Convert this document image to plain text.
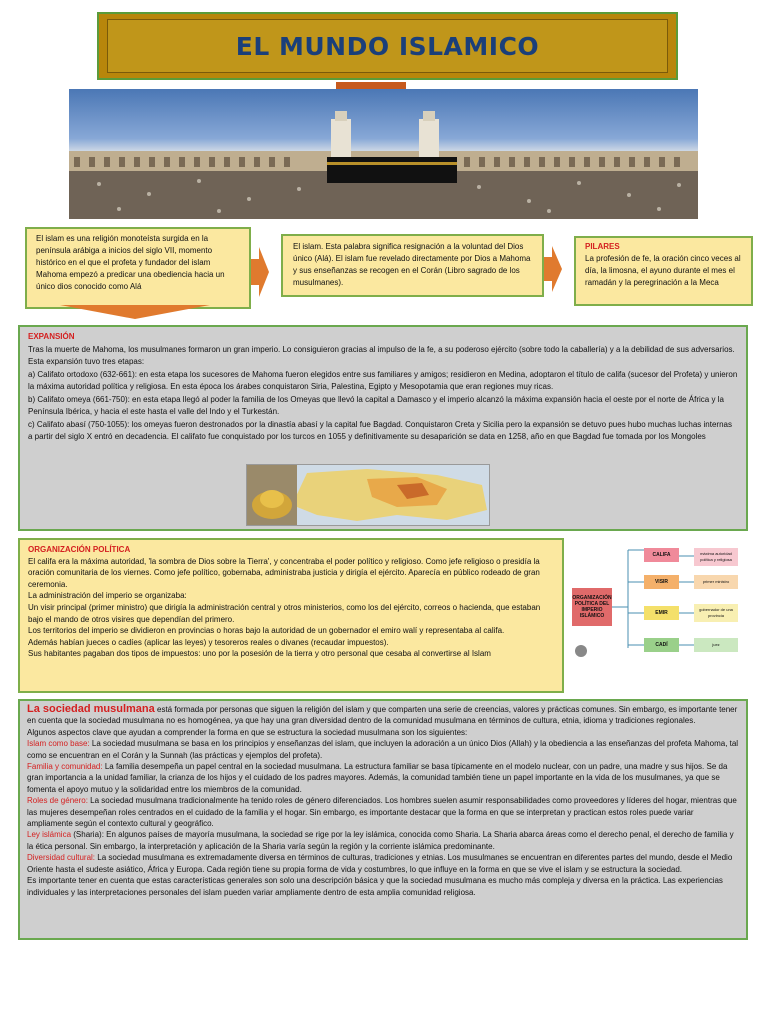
EL MUNDO ISLAMICO

El islam es una religión monoteísta surgida en la península arábiga a inicios del siglo VII, momento histórico en el que el profeta y fundador del islam Mahoma empezó a predicar una obediencia hacia un único dios conocido como Alá

El islam. Esta palabra significa resignación a la voluntad del Dios único (Alá). El islam fue revelado directamente por Dios a Mahoma y sus enseñanzas se recogen en el Corán (Libro sagrado de los musulmanes).

PILARES

La profesión de fe, la oración cinco veces al día, la limosna, el ayuno durante el mes el ramadán y la peregrinación a la Meca

EXPANSIÓN

Tras la muerte de Mahoma, los musulmanes formaron un gran imperio. Lo consiguieron gracias al impulso de la fe, a su poderoso ejército (sobre todo la caballería) y a la debilidad de sus adversarios. Esta expansión tuvo tres etapas:

a) Califato ortodoxo (632-661): en esta etapa los sucesores de Mahoma fueron elegidos entre sus familiares y amigos; residieron en Medina, adoptaron el título de califa (sucesor del Profeta) y unieron la máxima autoridad política y religiosa. En esta época los árabes conquistaron Siria, Palestina, Egipto y Mesopotamia que eran regiones muy ricas.

b) Califato omeya (661-750): en esta etapa llegó al poder la familia de los Omeyas que llevó la capital a Damasco y el imperio alcanzó la máxima expansión hacia el oeste por el norte de África y la Península Ibérica, y hacia el este hasta el valle del Indo y el Turkestán.

c) Califato abasí (750-1055): los omeyas fueron destronados por la dinastía abasí y la capital fue Bagdad. Conquistaron Creta y Sicilia pero la expansión se detuvo pues hubo muchas luchas internas a partir del siglo X entró en decadencia. El califato fue conquistado por los turcos en 1055 y definitivamente su desaparición se data en 1258, año en que Bagdad fue tomada por los Mongoles

ORGANIZACIÓN POLÍTICA

El califa era la máxima autoridad, 'la sombra de Dios sobre la Tierra', y concentraba el poder político y religioso. Como jefe religioso o presidía la oración comunitaria de los viernes. Como jefe político, gobernaba, administraba justicia y dirigía el ejército. Aparecía en público rodeado de gran ceremonia.

La administración del imperio se organizaba:

Un visir principal (primer ministro) que dirigía la administración central y otros ministerios, como los del ejército, correos o hacienda, que estaban bajo el mando de otros visires que dependían del primero.

Los territorios del imperio se dividieron en provincias o horas bajo la autoridad de un gobernador el emiro walí y representaba al califa.

Además habían jueces o cadíes (aplicar las leyes) y tesoreros reales o divanes (recaudar impuestos).

Sus habitantes pagaban dos tipos de impuestos: uno por la posesión de la tierra y otro personal que cesaba al convertirse al Islam

ORGANIZACIÓN POLÍTICA DEL IMPERIO ISLÁMICO
CALIFA	máxima autoridad política y religiosa
VISIR	primer ministro
EMIR
gobernador de una provincia
CADÍ	juez

La sociedad musulmana está formada por personas que siguen la religión del islam y que comparten una serie de creencias, valores y prácticas comunes. Sin embargo, es importante tener en cuenta que la sociedad musulmana no es homogénea, ya que hay una gran diversidad dentro de la comunidad musulmana en términos de cultura, etnia, idioma y tradiciones regionales.

Algunos aspectos clave que ayudan a comprender la forma en que se estructura la sociedad musulmana son los siguientes:

Islam como base: La sociedad musulmana se basa en los principios y enseñanzas del islam, que incluyen la adoración a un único Dios (Allah) y la obediencia a las enseñanzas del profeta Mahoma, tal como se encuentran en el Corán y la Sunnah (las prácticas y ejemplos del profeta).

Familia y comunidad: La familia desempeña un papel central en la sociedad musulmana. La estructura familiar se basa típicamente en el modelo nuclear, con un padre, una madre y sus hijos. Se da gran importancia a la unidad familiar, la crianza de los hijos y el cuidado de los padres mayores. Además, la comunidad también tiene un papel importante en la vida de los musulmanes, ya que se fomenta el apoyo mutuo y la solidaridad entre los miembros de la comunidad.

Roles de género: La sociedad musulmana tradicionalmente ha tenido roles de género diferenciados. Los hombres suelen asumir responsabilidades como proveedores y líderes del hogar, mientras que las mujeres desempeñan roles centrados en el cuidado de la familia y el hogar. Sin embargo, es importante destacar que la forma en que se interpretan y practican estos roles puede variar ampliamente según el contexto cultural y geográfico.

Ley islámica (Sharia): En algunos países de mayoría musulmana, la sociedad se rige por la ley islámica, conocida como Sharia. La Sharia abarca áreas como el derecho penal, el derecho de familia y la ética personal. Sin embargo, la interpretación y aplicación de la Sharia varía según la región y la corriente islámica predominante.

Diversidad cultural: La sociedad musulmana es extremadamente diversa en términos de culturas, tradiciones y etnias. Los musulmanes se encuentran en diferentes partes del mundo, desde el Medio Oriente hasta el sudeste asiático, África y Europa. Cada región tiene su propia forma de vida y costumbres, lo que influye en la forma en que se vive el islam y se estructura la sociedad.

Es importante tener en cuenta que estas características generales son solo una descripción básica y que la sociedad musulmana es mucho más compleja y diversa en la práctica. Las experiencias individuales y las interpretaciones personales del islam pueden variar ampliamente dentro de esta amplia comunidad religiosa.
